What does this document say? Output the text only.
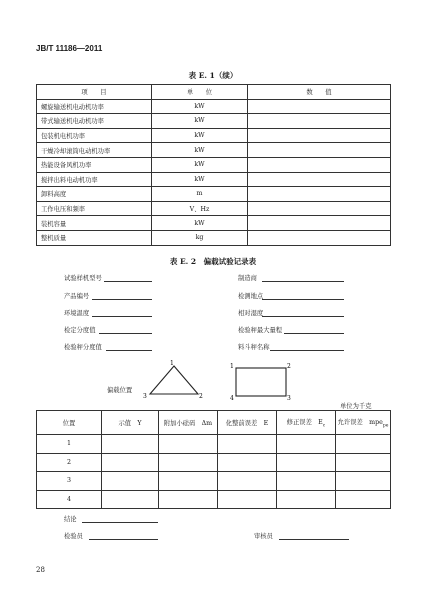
JB/T 11186—2011
表 E. 1（续）
项　　目	单　　位	数　　值
螺旋输送机电动机功率	kW	
带式输送机电动机功率	kW	
包装机电机功率	kW	
干燥冷却滚筒电动机功率	kW	
热能设备风机功率	kW	
搅拌出料电动机功率	kW	
卸料高度	m	
工作电压和频率	V、Hz	
装机容量	kW	
整机质量	kg	
表 E. 2　偏载试验记录表
试验样机型号	制造商
产品编号	检测地点
环境温度	相对湿度
检定分度值	检验秤最大量程
检验秤分度值	料斗秤名称
偏载位置
1
2
3
1	2
3
4
单位为千克
位置	示值　Y	附加小砝码　Δm	化整前误差　E	修正误差　$E_c$	允许误差　mpe$_{pe}$
1					
2					
3					
4					
结论
检验员	审核员
28
